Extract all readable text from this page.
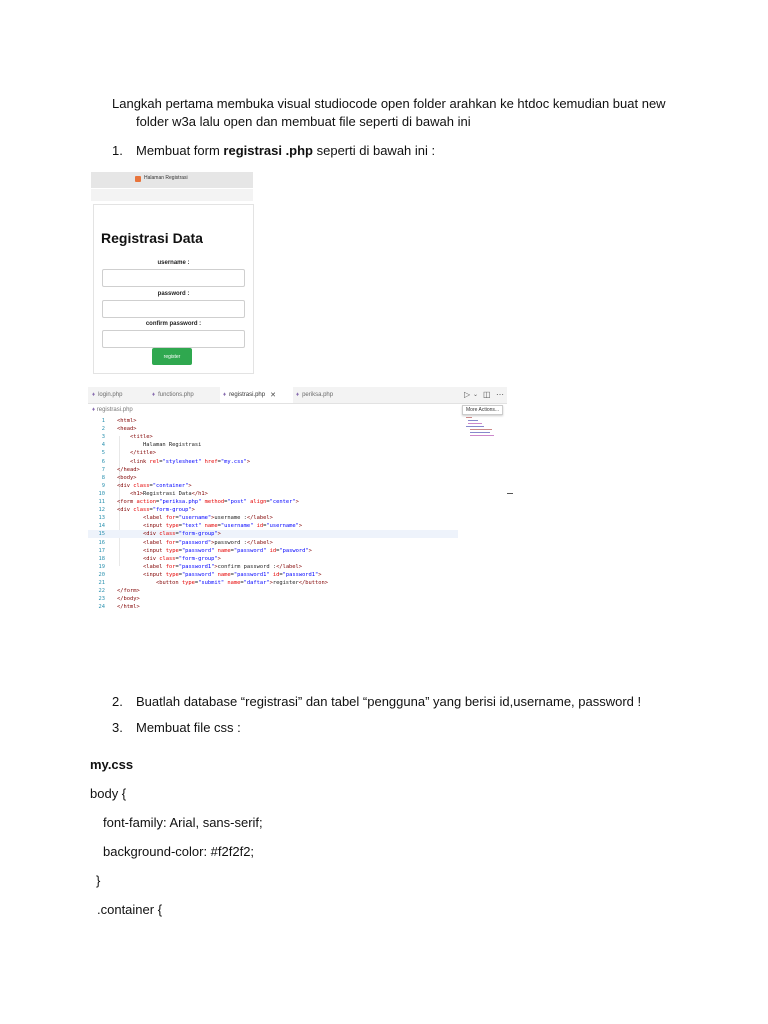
Langkah pertama membuka visual studiocode open folder arahkan ke htdoc kemudian buat new
folder w3a lalu open dan membuat file seperti di bawah ini
1. Membuat form registrasi .php seperti di bawah ini :
Halaman Registrasi
Registrasi Data
username :
password :
confirm password :
register
♦ login.php	♦ functions.php	♦ registrasi.php ✕	♦ periksa.php	▷ ⌄ ◫ ⋯
More Actions...
♦ registrasi.php
1 <html>
2 <head>
3	<title>
4 Halaman Registrasi
5	</title>
6	<link rel="stylesheet" href="my.css">
7 </head>
8 <body>
9 <div class="container">
10	<h1>Registrasi Data</h1>
11 <form action="periksa.php" method="post" align="center">
12 <div class="form-group">
13	<label for="username">username :</label>
14	<input type="text" name="username" id="username">
15	<div class="form-group">
16	<label for="password">password :</label>
17	<input type="password" name="password" id="pasword">
18	<div class="form-group">
19	<label for="password1">confirm password :</label>
20	<input type="password" name="password1" id="password1">
21	<button type="submit" name="daftar">register</button>
22 </form>
23 </body>
24 </html>
2. Buatlah database “registrasi” dan tabel “pengguna” yang berisi id,username, password !
3. Membuat file css :
my.css
body {
font-family: Arial, sans-serif;
background-color: #f2f2f2;
}
.container {
